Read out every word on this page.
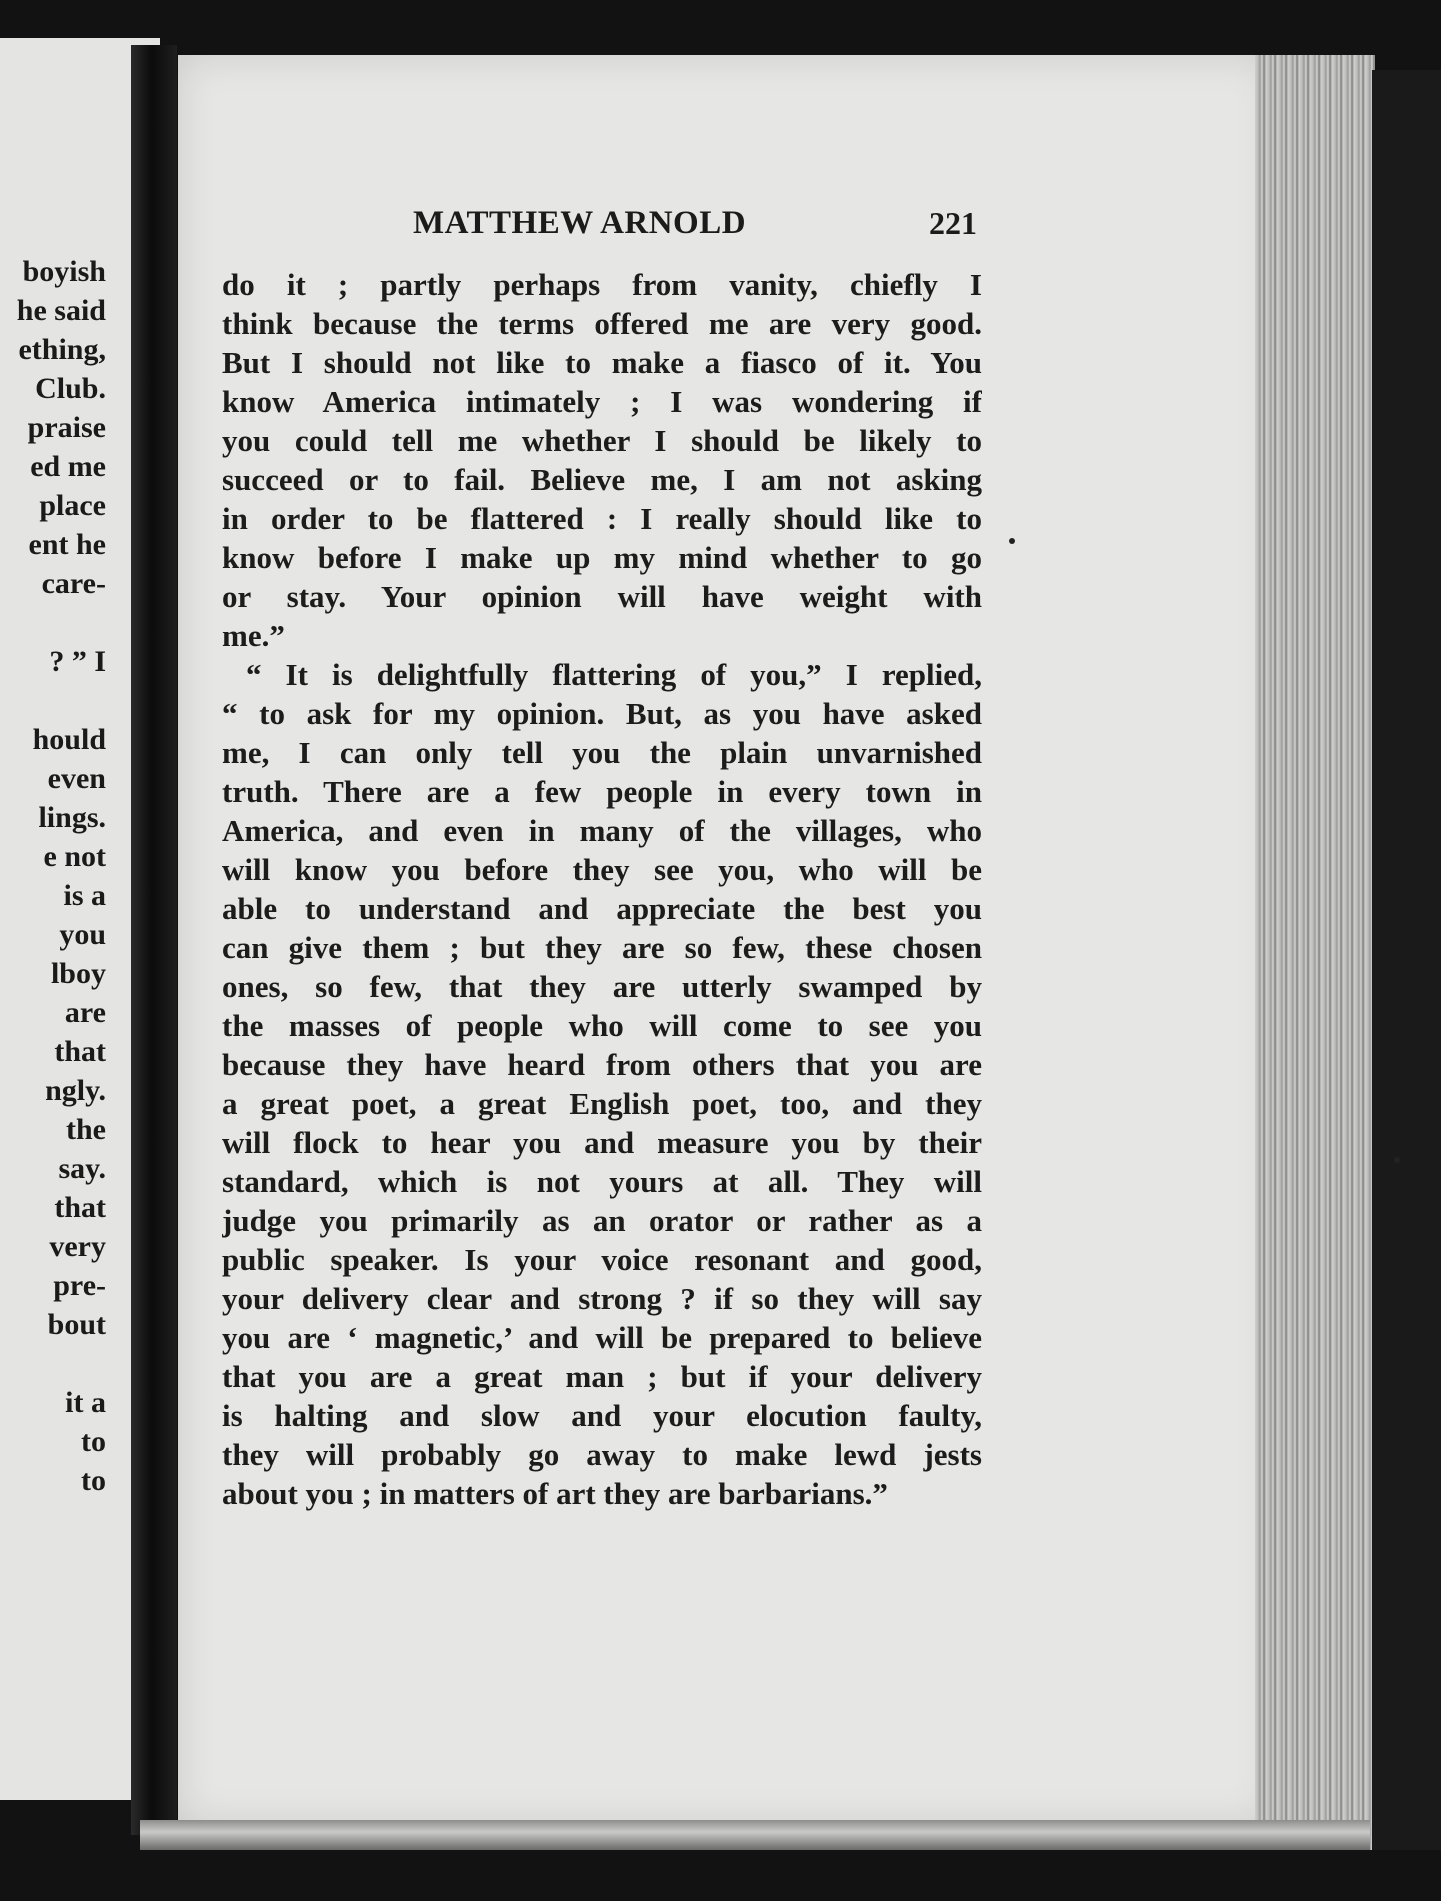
boyish
he said
ething,
Club.
praise
ed me
place
ent he
care-
? ” I
hould
even
lings.
e not
is a
you
lboy
are
that
ngly.
the
say.
that
very
pre-
bout
it a
to
to
MATTHEW ARNOLD	221
do it ; partly perhaps from vanity, chiefly I
think because the terms offered me are very good.
But I should not like to make a fiasco of it. You
know America intimately ; I was wondering if
you could tell me whether I should be likely to
succeed or to fail. Believe me, I am not asking
in order to be flattered : I really should like to
know before I make up my mind whether to go
or stay. Your opinion will have weight with
me.”
“ It is delightfully flattering of you,” I replied,
“ to ask for my opinion. But, as you have asked
me, I can only tell you the plain unvarnished
truth. There are a few people in every town in
America, and even in many of the villages, who
will know you before they see you, who will be
able to understand and appreciate the best you
can give them ; but they are so few, these chosen
ones, so few, that they are utterly swamped by
the masses of people who will come to see you
because they have heard from others that you are
a great poet, a great English poet, too, and they
will flock to hear you and measure you by their
standard, which is not yours at all. They will
judge you primarily as an orator or rather as a
public speaker. Is your voice resonant and good,
your delivery clear and strong ? if so they will say
you are ‘ magnetic,’ and will be prepared to believe
that you are a great man ; but if your delivery
is halting and slow and your elocution faulty,
they will probably go away to make lewd jests
about you ; in matters of art they are barbarians.”
